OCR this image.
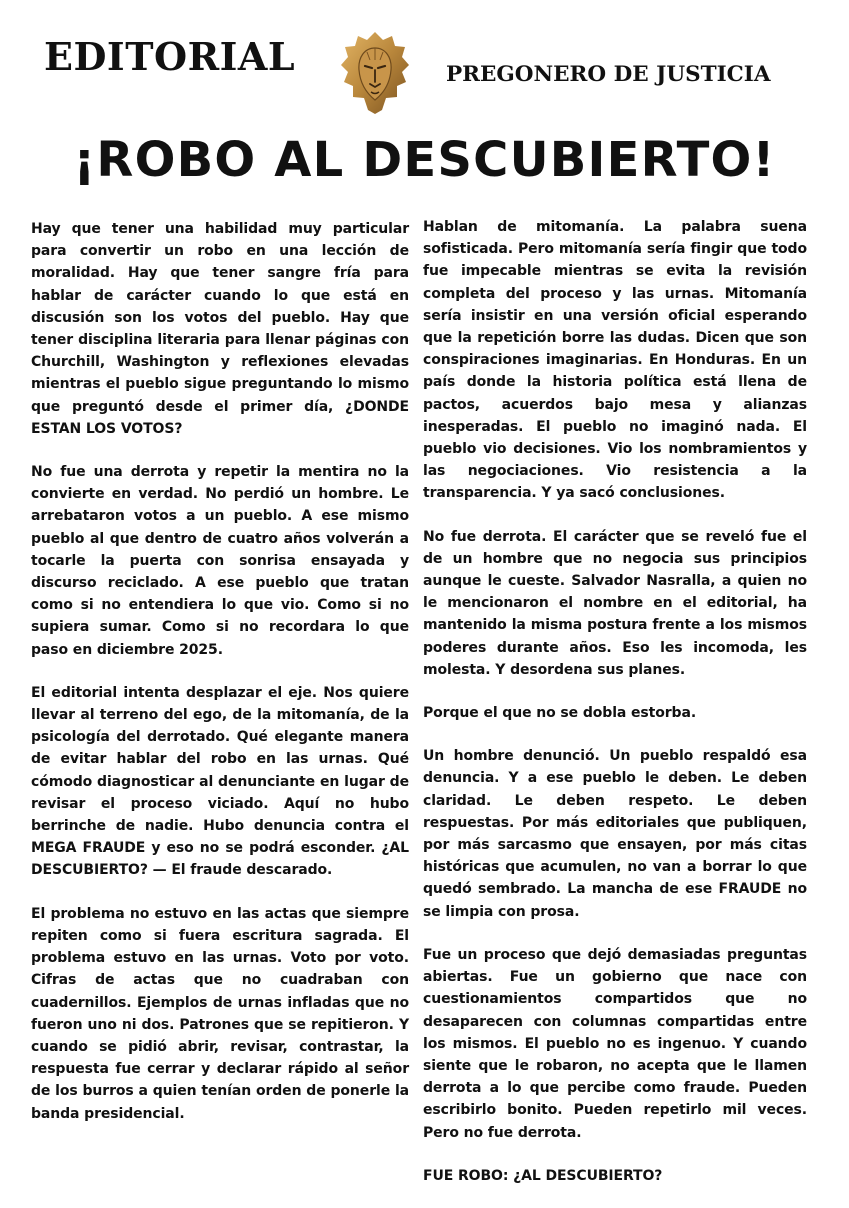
EDITORIAL	PREGONERO DE JUSTICIA
¡ROBO AL DESCUBIERTO!

Hay que tener una habilidad muy particular para convertir un robo en una lección de moralidad. Hay que tener sangre fría para hablar de carácter cuando lo que está en discusión son los votos del pueblo. Hay que tener disciplina literaria para llenar páginas con Churchill, Washington y reflexiones elevadas mientras el pueblo sigue preguntando lo mismo que preguntó desde el primer día, ¿DONDE ESTAN LOS VOTOS?

No fue una derrota y repetir la mentira no la convierte en verdad. No perdió un hombre. Le arrebataron votos a un pueblo. A ese mismo pueblo al que dentro de cuatro años volverán a tocarle la puerta con sonrisa ensayada y discurso reciclado. A ese pueblo que tratan como si no entendiera lo que vio. Como si no supiera sumar. Como si no recordara lo que paso en diciembre 2025.

El editorial intenta desplazar el eje. Nos quiere llevar al terreno del ego, de la mitomanía, de la psicología del derrotado. Qué elegante manera de evitar hablar del robo en las urnas. Qué cómodo diagnosticar al denunciante en lugar de revisar el proceso viciado. Aquí no hubo berrinche de nadie. Hubo denuncia contra el MEGA FRAUDE y eso no se podrá esconder. ¿AL DESCUBIERTO? — El fraude descarado.

El problema no estuvo en las actas que siempre repiten como si fuera escritura sagrada. El problema estuvo en las urnas. Voto por voto. Cifras de actas que no cuadraban con cuadernillos. Ejemplos de urnas infladas que no fueron uno ni dos. Patrones que se repitieron. Y cuando se pidió abrir, revisar, contrastar, la respuesta fue cerrar y declarar rápido al señor de los burros a quien tenían orden de ponerle la banda presidencial.

Hablan de mitomanía. La palabra suena sofisticada. Pero mitomanía sería fingir que todo fue impecable mientras se evita la revisión completa del proceso y las urnas. Mitomanía sería insistir en una versión oficial esperando que la repetición borre las dudas. Dicen que son conspiraciones imaginarias. En Honduras. En un país donde la historia política está llena de pactos, acuerdos bajo mesa y alianzas inesperadas. El pueblo no imaginó nada. El pueblo vio decisiones. Vio los nombramientos y las negociaciones. Vio resistencia a la transparencia. Y ya sacó conclusiones.

No fue derrota. El carácter que se reveló fue el de un hombre que no negocia sus principios aunque le cueste. Salvador Nasralla, a quien no le mencionaron el nombre en el editorial, ha mantenido la misma postura frente a los mismos poderes durante años. Eso les incomoda, les molesta. Y desordena sus planes.

Porque el que no se dobla estorba.

Un hombre denunció. Un pueblo respaldó esa denuncia. Y a ese pueblo le deben. Le deben claridad. Le deben respeto. Le deben respuestas. Por más editoriales que publiquen, por más sarcasmo que ensayen, por más citas históricas que acumulen, no van a borrar lo que quedó sembrado. La mancha de ese FRAUDE no se limpia con prosa.

Fue un proceso que dejó demasiadas preguntas abiertas. Fue un gobierno que nace con cuestionamientos compartidos que no desaparecen con columnas compartidas entre los mismos. El pueblo no es ingenuo. Y cuando siente que le robaron, no acepta que le llamen derrota a lo que percibe como fraude. Pueden escribirlo bonito. Pueden repetirlo mil veces. Pero no fue derrota.

FUE ROBO: ¿AL DESCUBIERTO?
